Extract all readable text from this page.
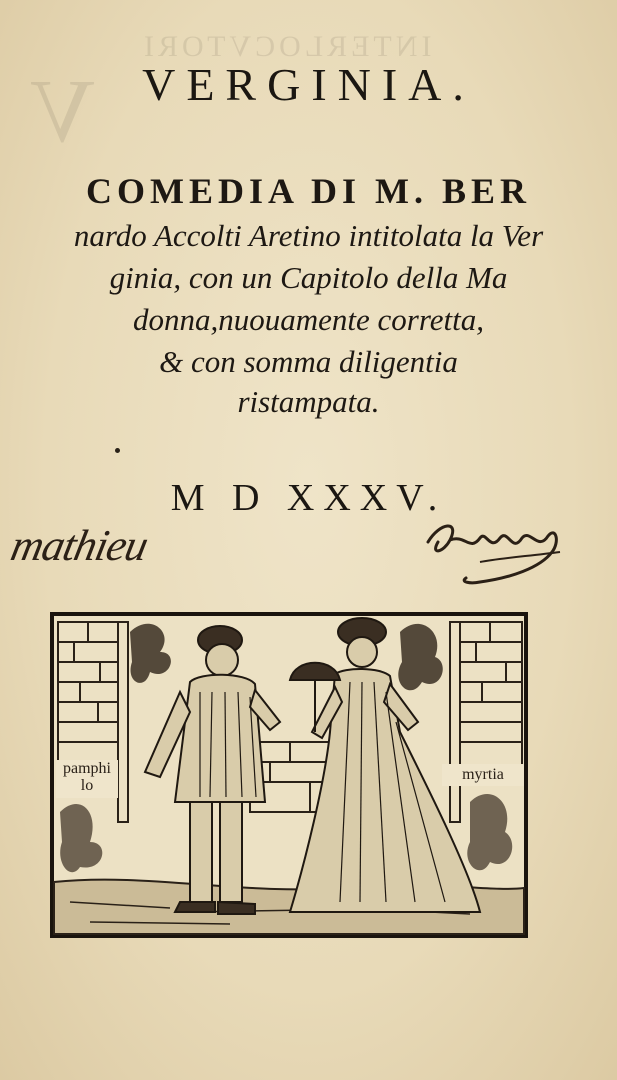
INTERLOCVTORI
V	VERGINIA.
COMEDIA DI M. BER
nardo Accolti Aretino intitolata la Ver
ginia, con un Capitolo della Ma
donna,nuouamente corretta,
& con somma diligentia
ristampata.
M D XXXV.
mathieu
pamphi lo
myrtia
